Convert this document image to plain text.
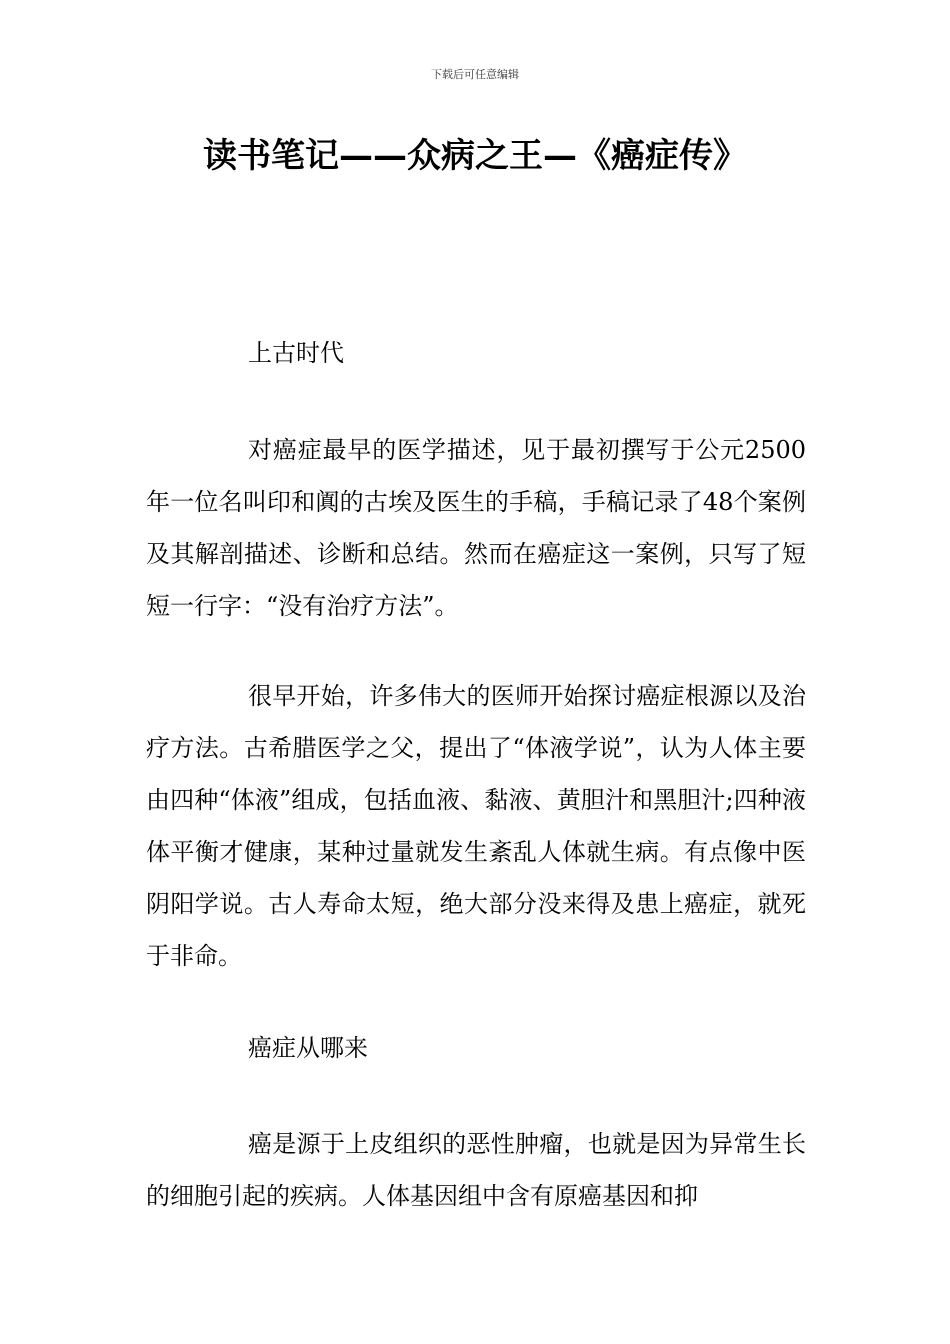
下载后可任意编辑
读书笔记——众病之王—《癌症传》
上古时代

对癌症最早的医学描述，见于最初撰写于公元2500年一位名叫印和阗的古埃及医生的手稿，手稿记录了48个案例及其解剖描述、诊断和总结。然而在癌症这一案例，只写了短短一行字：“没有治疗方法”。

很早开始，许多伟大的医师开始探讨癌症根源以及治疗方法。古希腊医学之父，提出了“体液学说”，认为人体主要由四种“体液”组成，包括血液、黏液、黄胆汁和黑胆汁;四种液体平衡才健康，某种过量就发生紊乱人体就生病。有点像中医阴阳学说。古人寿命太短，绝大部分没来得及患上癌症，就死于非命。

癌症从哪来

癌是源于上皮组织的恶性肿瘤，也就是因为异常生长的细胞引起的疾病。人体基因组中含有原癌基因和抑
